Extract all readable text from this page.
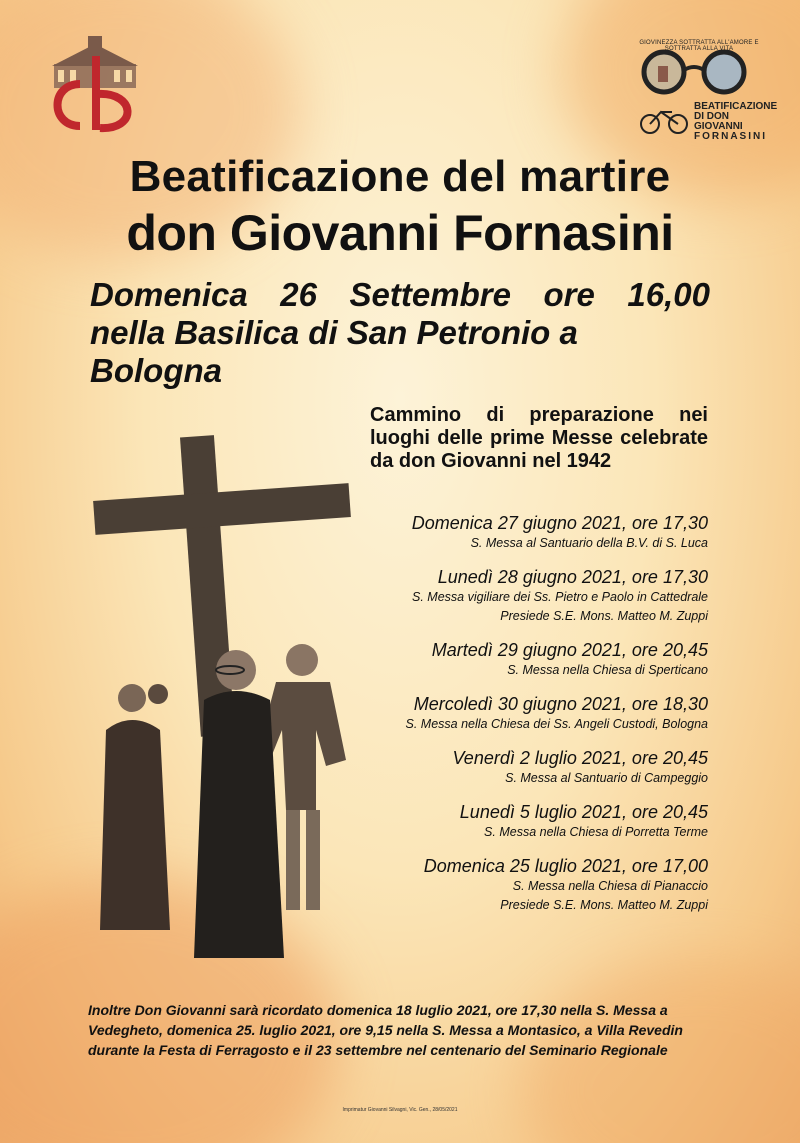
GIOVINEZZA SOTTRATTA ALL'AMORE E SOTTRATTA ALLA VITA
BEATIFICAZIONE
DI DON GIOVANNI
FORNASINI
Beatificazione del martire
don Giovanni Fornasini
Domenica 26 Settembre ore 16,00
nella Basilica di San Petronio a Bologna
Cammino di preparazione nei luoghi delle prime Messe celebrate da don Giovanni nel 1942
Domenica 27 giugno 2021, ore 17,30
S. Messa al Santuario della B.V. di S. Luca
Lunedì 28 giugno 2021, ore 17,30
S. Messa vigiliare dei Ss. Pietro e Paolo in Cattedrale
Presiede S.E. Mons. Matteo M. Zuppi
Martedì 29 giugno 2021, ore 20,45
S. Messa nella Chiesa di Sperticano
Mercoledì 30 giugno 2021, ore 18,30
S. Messa nella Chiesa dei Ss. Angeli Custodi, Bologna
Venerdì 2 luglio 2021, ore 20,45
S. Messa al Santuario di Campeggio
Lunedì 5 luglio 2021, ore 20,45
S. Messa nella Chiesa di Porretta Terme
Domenica 25 luglio 2021, ore 17,00
S. Messa nella Chiesa di Pianaccio
Presiede S.E. Mons. Matteo M. Zuppi
Inoltre Don Giovanni sarà ricordato domenica 18 luglio 2021, ore 17,30 nella S. Messa a Vedegheto, domenica 25. luglio 2021, ore 9,15 nella S. Messa a Montasico, a Villa Revedin durante la Festa di Ferragosto e il 23 settembre nel centenario del Seminario Regionale
Imprimatur Giovanni Silvagni, Vic. Gen., 28/05/2021
